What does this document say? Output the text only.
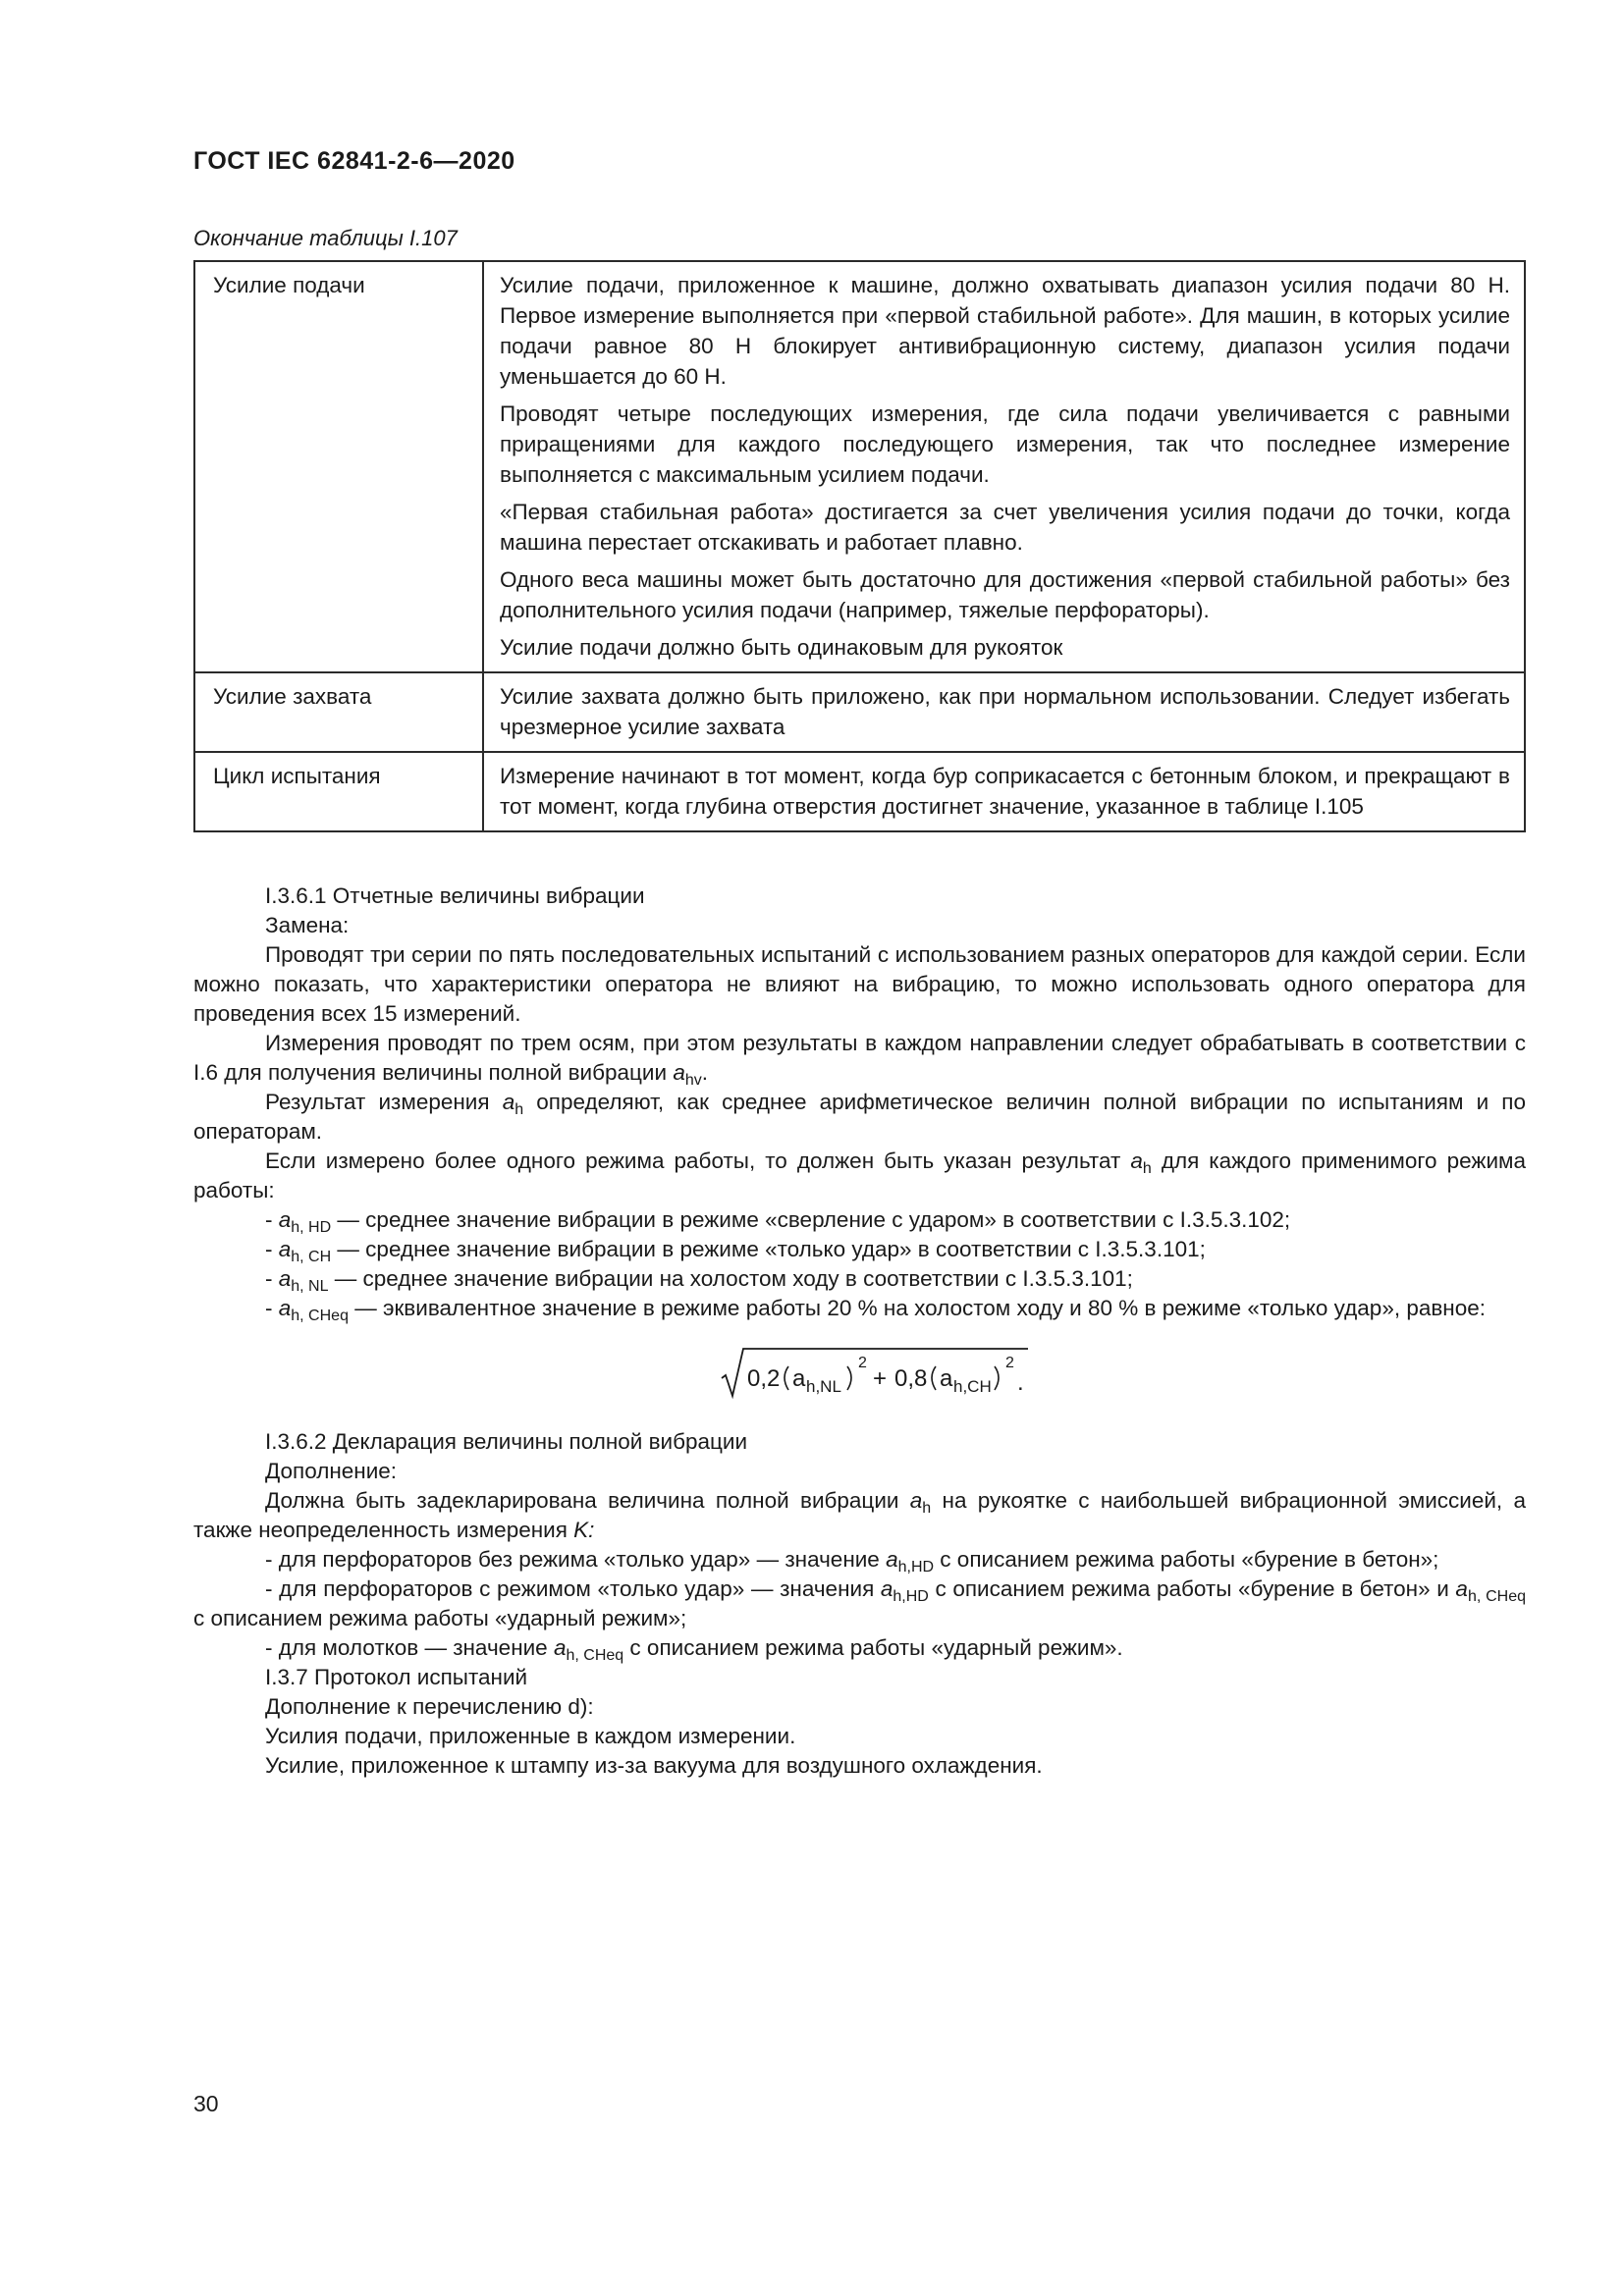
ГОСТ IEC 62841-2-6—2020
Окончание таблицы I.107
Усилие подачи	Усилие подачи, приложенное к машине, должно охватывать диапазон усилия подачи 80 Н. Первое измерение выполняется при «первой стабильной работе». Для машин, в которых усилие подачи равное 80 Н блокирует антивибрационную систему, диапазон усилия подачи уменьшается до 60 Н.

Проводят четыре последующих измерения, где сила подачи увеличивается с равными приращениями для каждого последующего измерения, так что последнее измерение выполняется с максимальным усилием подачи.

«Первая стабильная работа» достигается за счет увеличения усилия подачи до точки, когда машина перестает отскакивать и работает плавно.

Одного веса машины может быть достаточно для достижения «первой стабильной работы» без дополнительного усилия подачи (например, тяжелые перфораторы).

Усилие подачи должно быть одинаковым для рукояток

Усилие захвата	Усилие захвата должно быть приложено, как при нормальном использовании. Следует избегать чрезмерное усилие захвата

Цикл испытания	Измерение начинают в тот момент, когда бур соприкасается с бетонным блоком, и прекращают в тот момент, когда глубина отверстия достигнет значение, указанное в таблице I.105

I.3.6.1 Отчетные величины вибрации

Замена:

Проводят три серии по пять последовательных испытаний с использованием разных операторов для каждой серии. Если можно показать, что характеристики оператора не влияют на вибрацию, то можно использовать одного оператора для проведения всех 15 измерений.

Измерения проводят по трем осям, при этом результаты в каждом направлении следует обрабатывать в соответствии с I.6 для получения величины полной вибрации $a_{hv}$.

Результат измерения $a_h$ определяют, как среднее арифметическое величин полной вибрации по испытаниям и по операторам.

Если измерено более одного режима работы, то должен быть указан результат $a_h$ для каждого применимого режима работы:

- $a_{h, HD}$ — среднее значение вибрации в режиме «сверление с ударом» в соответствии с I.3.5.3.102;

- $a_{h, CH}$ — среднее значение вибрации в режиме «только удар» в соответствии с I.3.5.3.101;

- $a_{h, NL}$ — среднее значение вибрации на холостом ходу в соответствии с I.3.5.3.101;

- $a_{h, CHeq}$ — эквивалентное значение в режиме работы 20 % на холостом ходу и 80 % в режиме «только удар», равное:

0,2 a h,NL
2
+ 0,8 a h,CH
2
.

I.3.6.2 Декларация величины полной вибрации

Дополнение:

Должна быть задекларирована величина полной вибрации $a_h$ на рукоятке с наибольшей вибрационной эмиссией, а также неопределенность измерения K:

- для перфораторов без режима «только удар» — значение $a_{h,HD}$ с описанием режима работы «бурение в бетон»;

- для перфораторов с режимом «только удар» — значения $a_{h,HD}$ с описанием режима работы «бурение в бетон» и $a_{h, CHeq}$ с описанием режима работы «ударный режим»;

- для молотков — значение $a_{h, CHeq}$ с описанием режима работы «ударный режим».

I.3.7 Протокол испытаний

Дополнение к перечислению d):

Усилия подачи, приложенные в каждом измерении.

Усилие, приложенное к штампу из-за вакуума для воздушного охлаждения.

30
